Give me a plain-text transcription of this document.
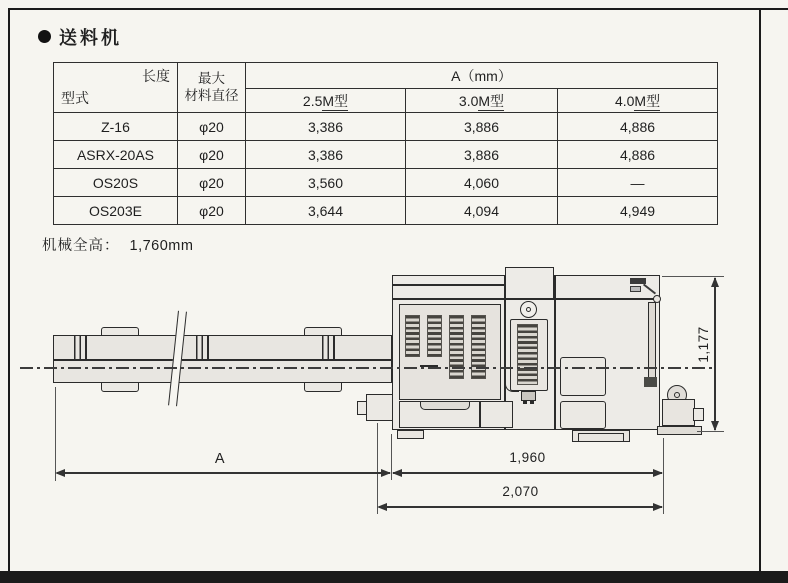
送料机
长度
型式

最大
材料直径
	A（mm）
		2.5M型	3.0M型	4.0M型
Z-16	φ20	3,386	3,886	4,886
ASRX-20AS	φ20	3,386	3,886	4,886
OS20S	φ20	3,560	4,060	—
OS203E	φ20	3,644	4,094	4,949
机械全高： 1,760mm
A	1,960
2,070
1,177
